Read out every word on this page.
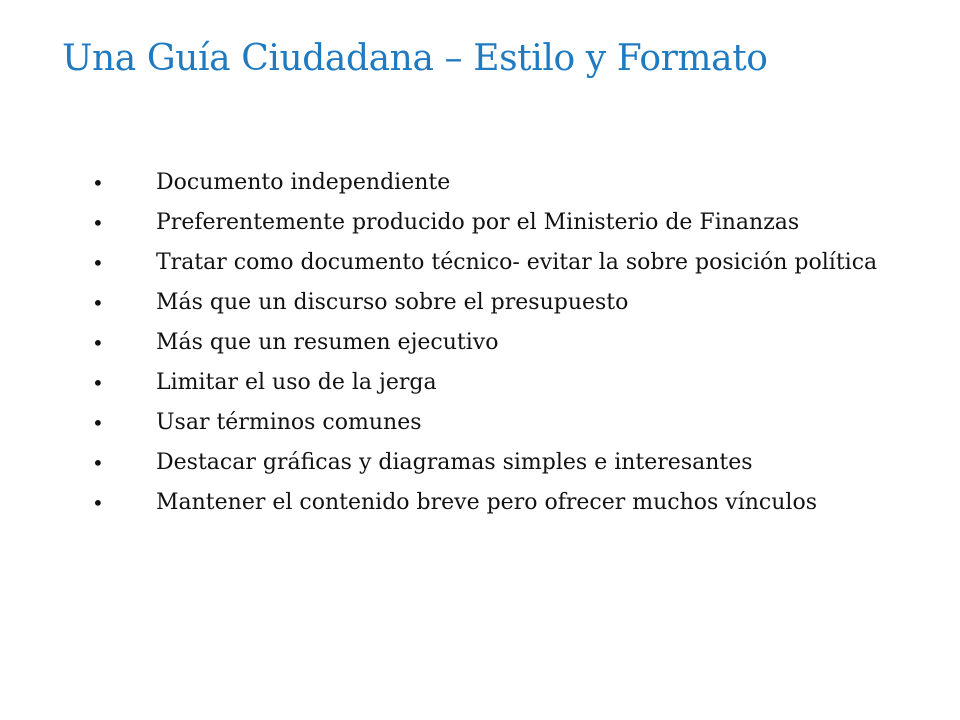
Una Guía Ciudadana – Estilo y Formato
• Documento independiente
• Preferentemente producido por el Ministerio de Finanzas
• Tratar como documento técnico- evitar la sobre posición política
• Más que un discurso sobre el presupuesto
• Más que un resumen ejecutivo
• Limitar el uso de la jerga
• Usar términos comunes
• Destacar gráficas y diagramas simples e interesantes
• Mantener el contenido breve pero ofrecer muchos vínculos
